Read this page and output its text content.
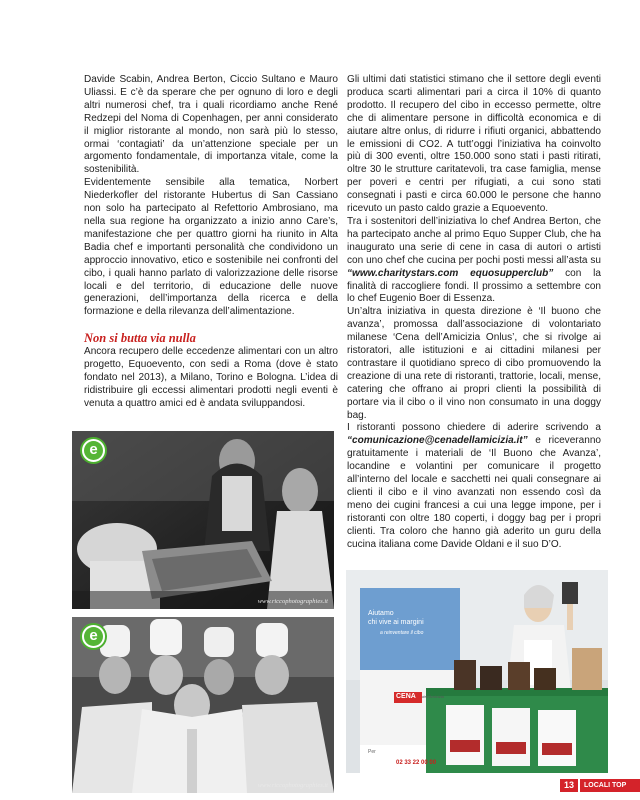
Davide Scabin, Andrea Berton, Ciccio Sultano e Mauro Uliassi. E c’è da sperare che per ognuno di loro e degli altri numerosi chef, tra i quali ricordiamo anche René Redzepi del Noma di Copenhagen, per anni considerato il miglior ristorante al mondo, non sarà più lo stesso, ormai ‘contagiati’ da un’attenzione speciale per un argomento fondamentale, di importanza vitale, come la sostenibilità.

Evidentemente sensibile alla tematica, Norbert Niederkofler del ristorante Hubertus di San Cassiano non solo ha partecipato al Refettorio Ambrosiano, ma nella sua regione ha organizzato a inizio anno Care’s, manifestazione che per quattro giorni ha riunito in Alta Badia chef e importanti personalità che condividono un approccio innovativo, etico e sostenibile nei confronti del cibo, i quali hanno parlato di valorizzazione delle risorse locali e del territorio, di educazione delle nuove generazioni, dell’importanza della ricerca e della formazione e della rilevanza dell’alimentazione.

Non si butta via nulla

Ancora recupero delle eccedenze alimentari con un altro progetto, Equoevento, con sedi a Roma (dove è stato fondato nel 2013), a Milano, Torino e Bologna. L’idea di ridistribuire gli eccessi alimentari prodotti negli eventi è venuta a quattro amici ed è andata sviluppandosi.

Gli ultimi dati statistici stimano che il settore degli eventi produca scarti alimentari pari a circa il 10% di quanto prodotto. Il recupero del cibo in eccesso permette, oltre che di alimentare persone in difficoltà economica e di aiutare altre onlus, di ridurre i rifiuti organici, abbattendo le emissioni di CO2. A tutt’oggi l’iniziativa ha coinvolto più di 300 eventi, oltre 150.000 sono stati i pasti ritirati, oltre 30 le strutture caritatevoli, tra case famiglia, mense per poveri e centri per rifugiati, a cui sono stati consegnati i pasti e circa 60.000 le persone che hanno ricevuto un pasto caldo grazie a Equoevento.

Tra i sostenitori dell’iniziativa lo chef Andrea Berton, che ha partecipato anche al primo Equo Supper Club, che ha inaugurato una serie di cene in casa di autori o artisti con uno chef che cucina per pochi posti messi all’asta su “www.charitystars.com equosupperclub” con la finalità di raccogliere fondi. Il prossimo a settembre con lo chef Eugenio Boer di Essenza.

Un’altra iniziativa in questa direzione è ‘Il buono che avanza’, promossa dall’associazione di volontariato milanese ‘Cena dell’Amicizia Onlus’, che si rivolge ai ristoratori, alle istituzioni e ai cittadini milanesi per contrastare il quotidiano spreco di cibo promuovendo la creazione di una rete di ristoranti, trattorie, locali, mense, catering che offrano ai propri clienti la possibilità di portare via il cibo o il vino non consumato in una doggy bag.

I ristoranti possono chiedere di aderire scrivendo a “comunicazione@cenadellamicizia.it” e riceveranno gratuitamente i materiali de ‘Il Buono che Avanza’, locandine e volantini per comunicare il progetto all’interno del locale e sacchetti nei quali consegnare ai clienti il cibo e il vino avanzati non essendo così da meno dei cugini francesi a cui una legge impone, per i ristoranti con oltre 180 coperti, i doggy bag per i propri clienti. Tra coloro che hanno già aderito un guru della cucina italiana come Davide Oldani e il suo D’O.

e
www.riccophotographies.it
e
www.riccophotographies.it
Aiutamo
chi vive ai margini
a reinventare il cibo
CENA dell'Amicizia
Per
02 33 22 00 00
13	LOCALI TOP
